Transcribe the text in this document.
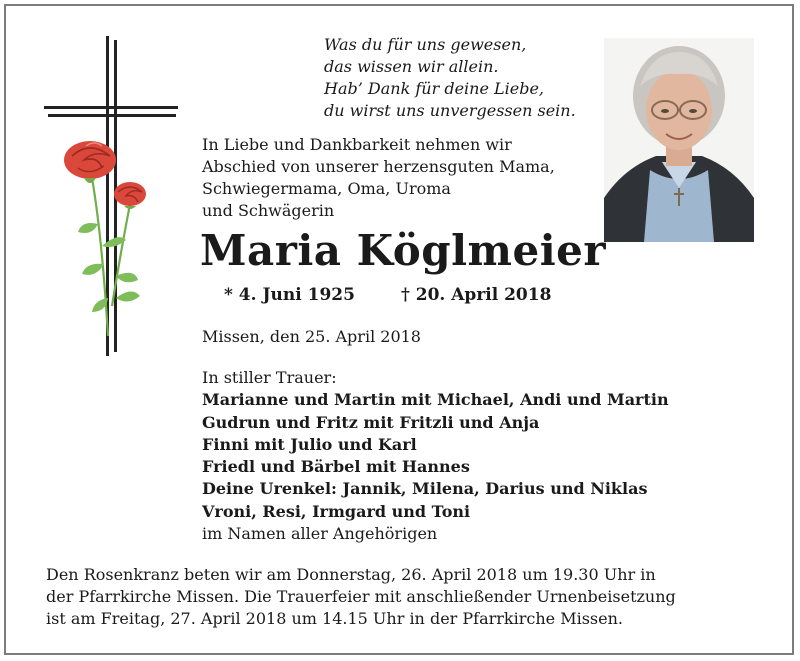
Was du für uns gewesen,
das wissen wir allein.
Hab’ Dank für deine Liebe,
du wirst uns unvergessen sein.
In Liebe und Dankbarkeit nehmen wir
Abschied von unserer herzensguten Mama,
Schwiegermama, Oma, Uroma
und Schwägerin
Maria Köglmeier
* 4. Juni 1925	† 20. April 2018
Missen, den 25. April 2018
In stiller Trauer:
Marianne und Martin mit Michael, Andi und Martin
Gudrun und Fritz mit Fritzli und Anja
Finni mit Julio und Karl
Friedl und Bärbel mit Hannes
Deine Urenkel: Jannik, Milena, Darius und Niklas
Vroni, Resi, Irmgard und Toni
im Namen aller Angehörigen
Den Rosenkranz beten wir am Donnerstag, 26. April 2018 um 19.30 Uhr in
der Pfarrkirche Missen. Die Trauerfeier mit anschließender Urnenbeisetzung
ist am Freitag, 27. April 2018 um 14.15 Uhr in der Pfarrkirche Missen.
